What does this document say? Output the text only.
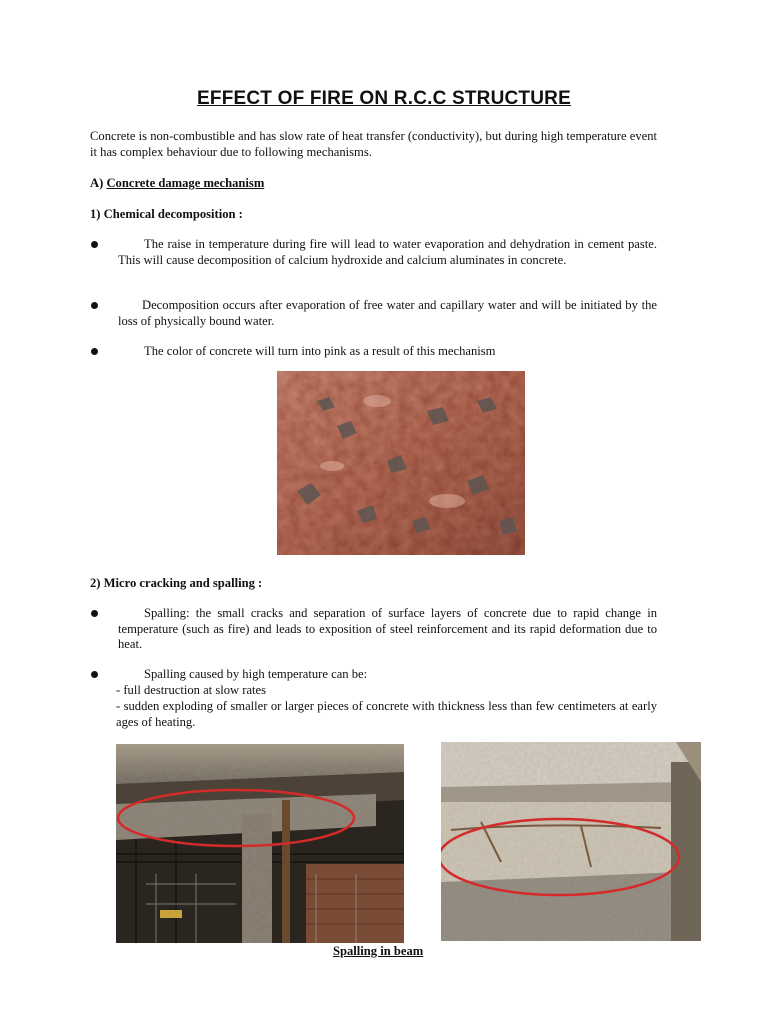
EFFECT OF FIRE ON R.C.C STRUCTURE
Concrete is non-combustible and has slow rate of heat transfer (conductivity), but during high temperature event it has complex behaviour due to following mechanisms.
A) Concrete damage mechanism
1) Chemical decomposition :
The raise in temperature during fire will lead to water evaporation and dehydration in cement paste. This will cause decomposition of calcium hydroxide and calcium aluminates in concrete.
Decomposition occurs after evaporation of free water and capillary water and will be initiated by the loss of physically bound water.
The color of concrete will turn into pink as a result of this mechanism
2) Micro cracking and spalling :
Spalling: the small cracks and separation of surface layers of concrete due to rapid change in temperature (such as fire) and leads to exposition of steel reinforcement and its rapid deformation due to heat.
Spalling caused by high temperature can be:
- full destruction at slow rates
- sudden exploding of smaller or larger pieces of concrete with thickness less than few centimeters at early ages of heating.
Spalling in beam
